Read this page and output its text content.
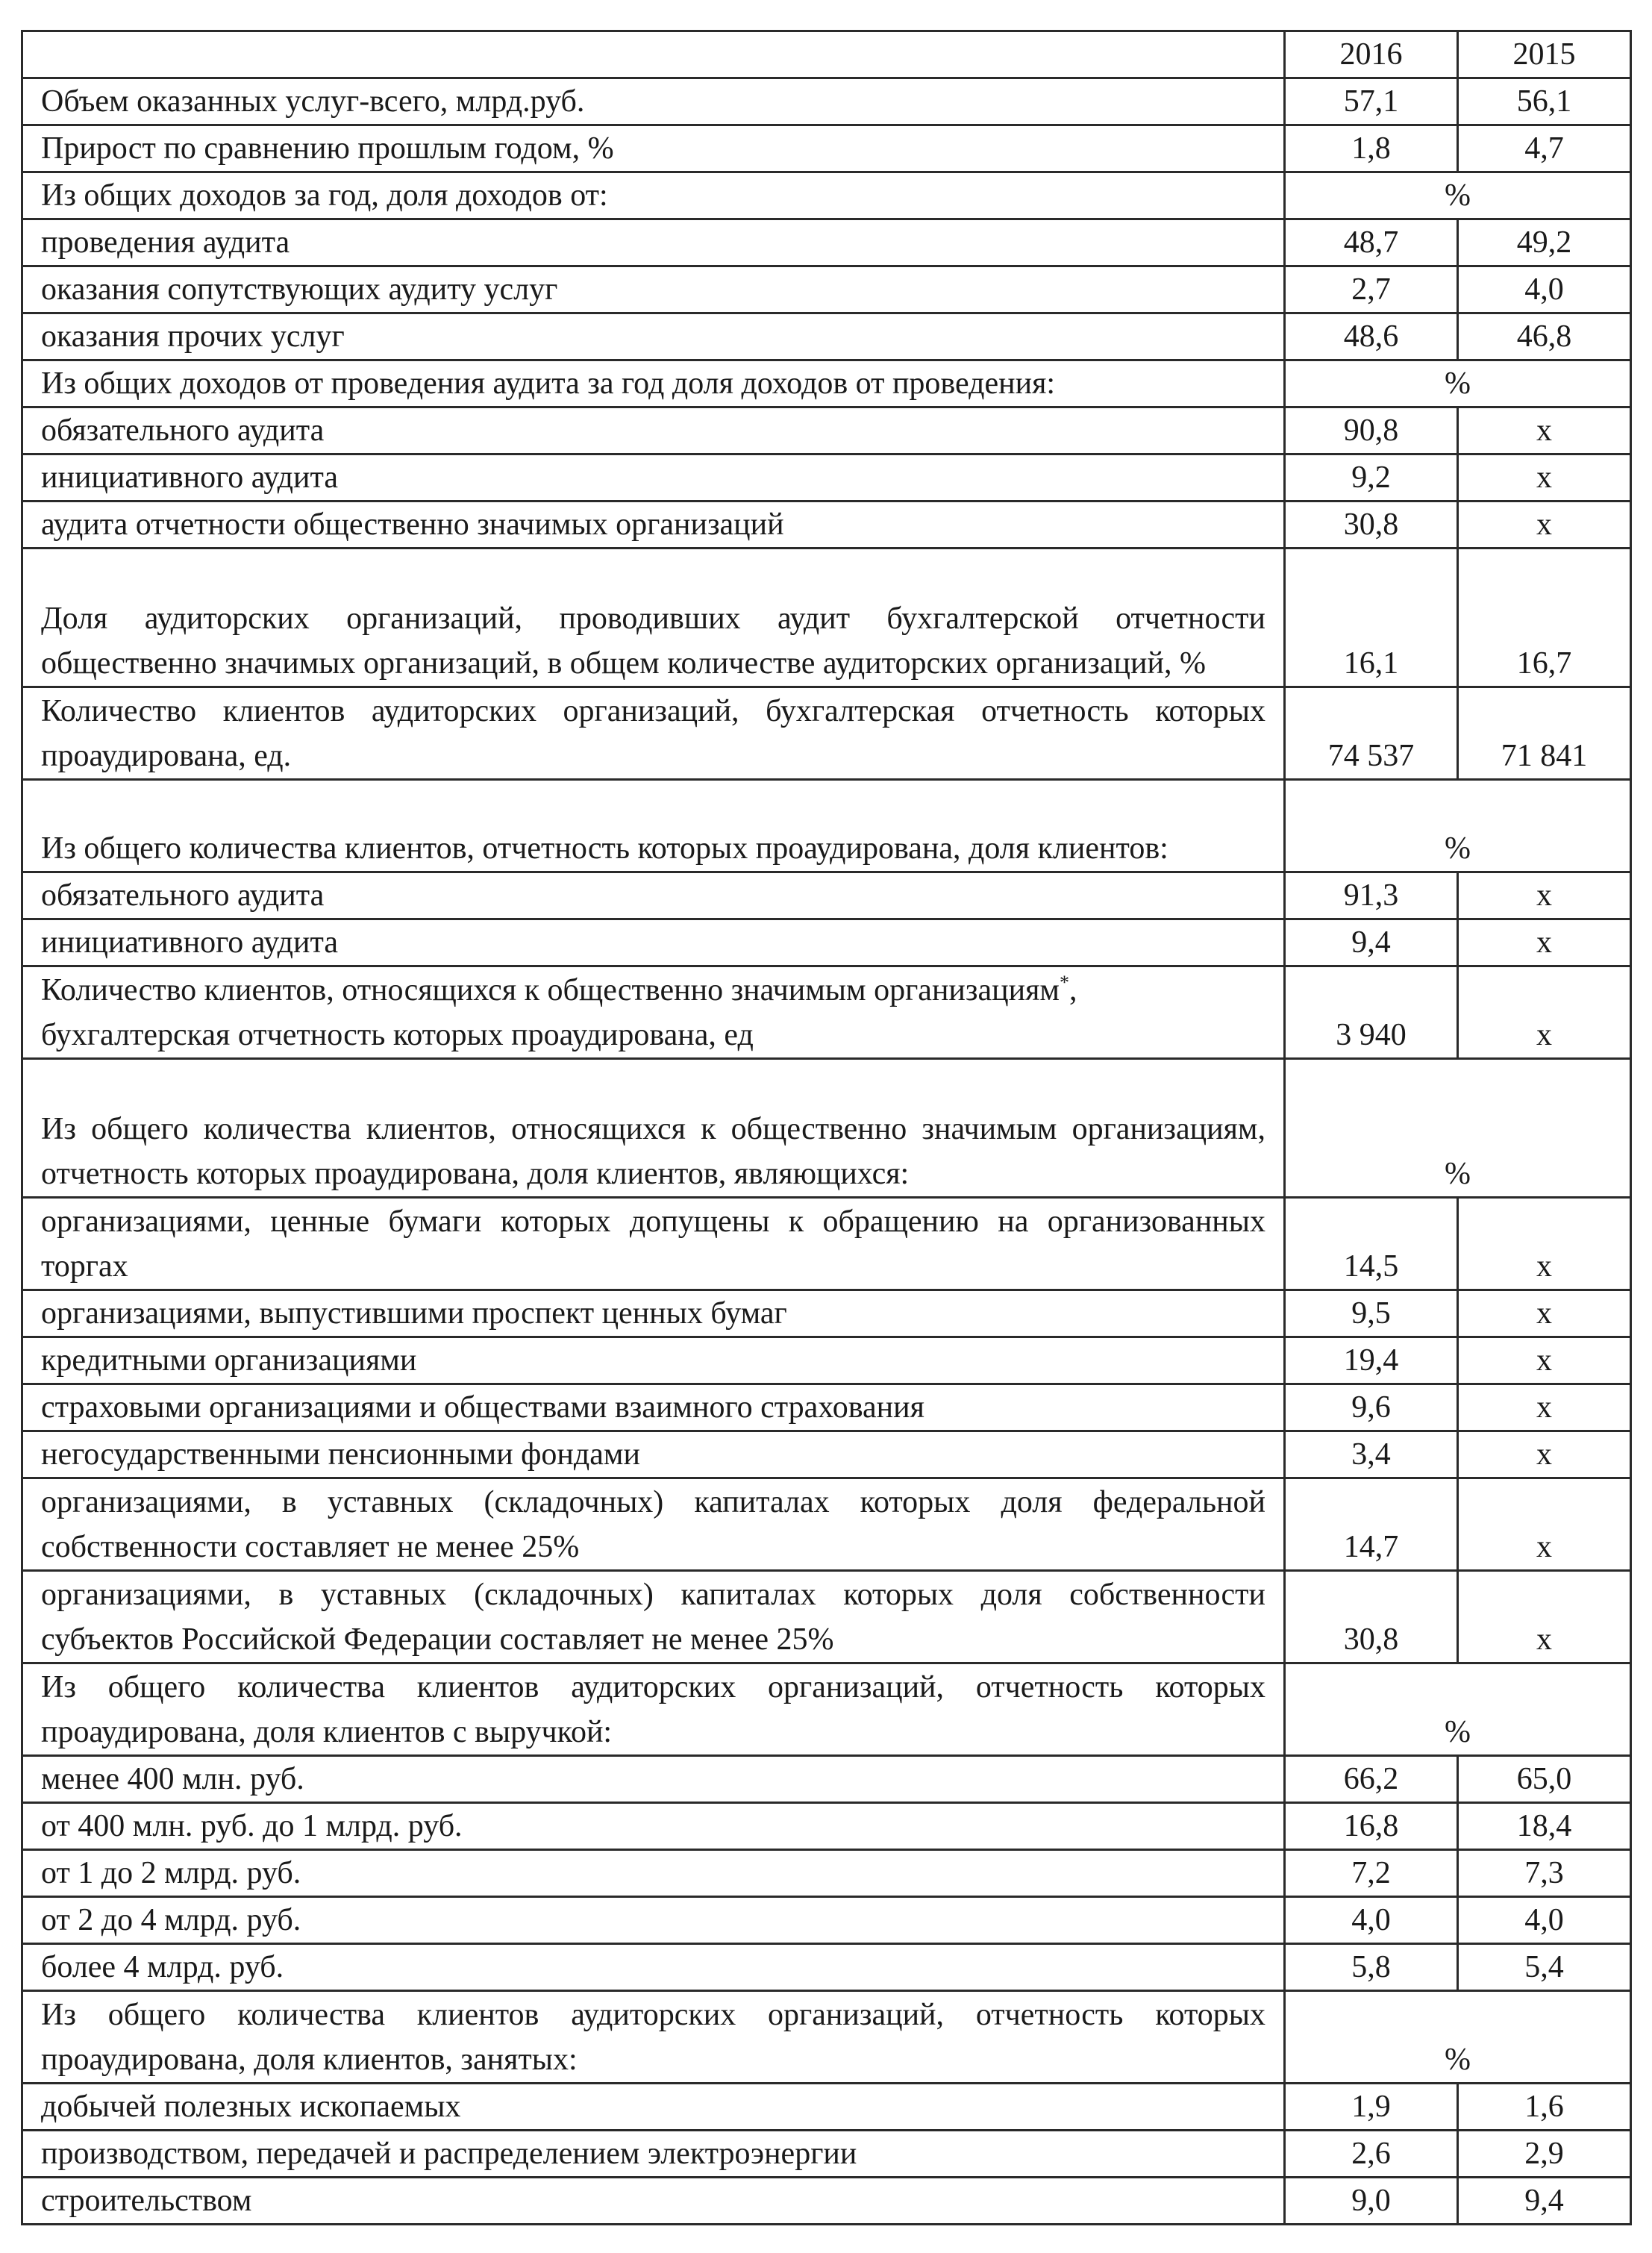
	2016	2015
Объем оказанных услуг-всего, млрд.руб.	57,1	56,1
Прирост по сравнению прошлым годом, %	1,8	4,7
Из общих доходов за год, доля доходов от:	%	
проведения аудита	48,7	49,2
оказания сопутствующих аудиту услуг	2,7	4,0
оказания прочих услуг	48,6	46,8
Из общих доходов от проведения аудита за год доля доходов от проведения:	%	
обязательного аудита	90,8	x
инициативного аудита	9,2	x
аудита отчетности общественно значимых организаций	30,8	x
Доля аудиторских организаций, проводивших аудит бухгалтерской отчетности общественно значимых организаций, в общем количестве аудиторских организаций, %	16,1	16,7
Количество клиентов аудиторских организаций, бухгалтерская отчетность которых проаудирована, ед.	74 537	71 841
Из общего количества клиентов, отчетность которых проаудирована, доля клиентов:	%	
обязательного аудита	91,3	x
инициативного аудита	9,4	x
Количество клиентов, относящихся к общественно значимым организациям*, бухгалтерская отчетность которых проаудирована, ед	3 940	x
Из общего количества клиентов, относящихся к общественно значимым организациям, отчетность которых проаудирована, доля клиентов, являющихся:	%	
организациями, ценные бумаги которых допущены к обращению на организованных торгах	14,5	x
организациями, выпустившими проспект ценных бумаг	9,5	x
кредитными организациями	19,4	x
страховыми организациями и обществами взаимного страхования	9,6	x
негосударственными пенсионными фондами	3,4	x
организациями, в уставных (складочных) капиталах которых доля федеральной собственности составляет не менее 25%	14,7	x
организациями, в уставных (складочных) капиталах которых доля собственности субъектов Российской Федерации составляет не менее 25%	30,8	x
Из общего количества клиентов аудиторских организаций, отчетность которых проаудирована, доля клиентов с выручкой:	%	
менее 400 млн. руб.	66,2	65,0
от 400 млн. руб. до 1 млрд. руб.	16,8	18,4
от 1 до 2 млрд. руб.	7,2	7,3
от 2 до 4 млрд. руб.	4,0	4,0
более 4 млрд. руб.	5,8	5,4
Из общего количества клиентов аудиторских организаций, отчетность которых проаудирована, доля клиентов, занятых:	%	
добычей полезных ископаемых	1,9	1,6
производством, передачей и распределением электроэнергии	2,6	2,9
строительством	9,0	9,4
